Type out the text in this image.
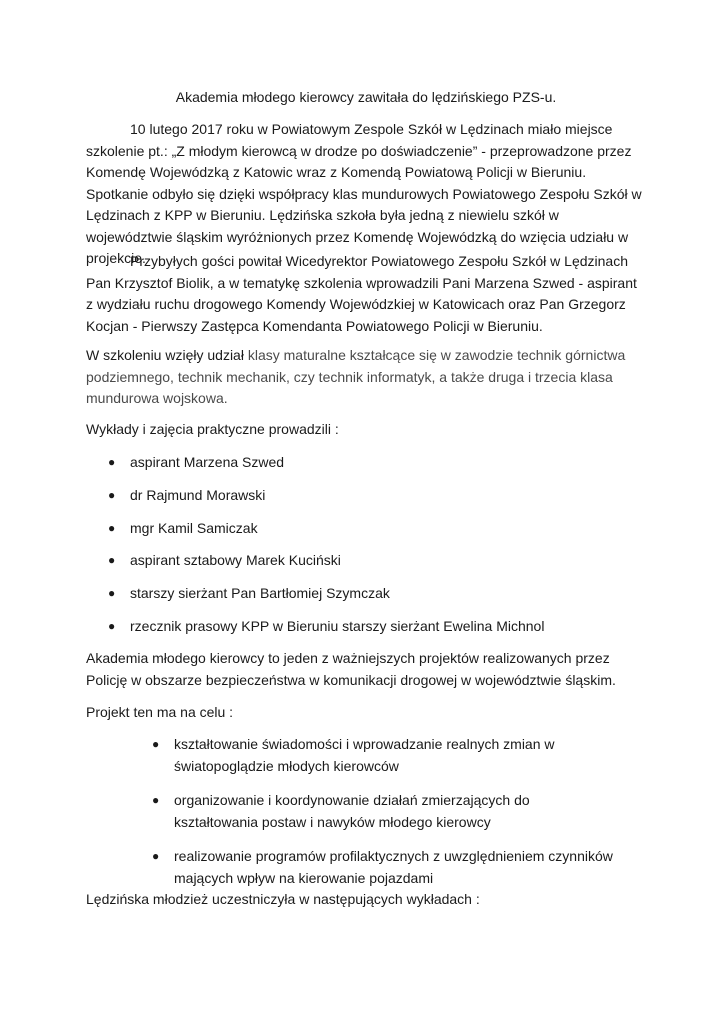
Akademia młodego kierowcy zawitała do lędzińskiego PZS-u.

10 lutego 2017 roku w Powiatowym Zespole Szkół w Lędzinach miało miejsce szkolenie pt.: „Z młodym kierowcą w drodze po doświadczenie” - przeprowadzone przez Komendę Wojewódzką z Katowic wraz z Komendą Powiatową Policji w Bieruniu. Spotkanie odbyło się dzięki współpracy klas mundurowych Powiatowego Zespołu Szkół w Lędzinach z KPP w Bieruniu. Lędzińska szkoła była jedną z niewielu szkół w województwie śląskim wyróżnionych przez Komendę Wojewódzką do wzięcia udziału w projekcie.

Przybyłych gości powitał Wicedyrektor Powiatowego Zespołu Szkół w Lędzinach Pan Krzysztof Biolik, a w tematykę szkolenia wprowadzili Pani Marzena Szwed - aspirant z wydziału ruchu drogowego Komendy Wojewódzkiej w Katowicach oraz Pan Grzegorz Kocjan - Pierwszy Zastępca Komendanta Powiatowego Policji w Bieruniu.

W szkoleniu wzięły udział klasy maturalne kształcące się w zawodzie technik górnictwa podziemnego, technik mechanik, czy technik informatyk, a także druga i trzecia klasa mundurowa wojskowa.

Wykłady i zajęcia praktyczne prowadzili :

● aspirant Marzena Szwed
● dr Rajmund Morawski
● mgr Kamil Samiczak
● aspirant sztabowy Marek Kuciński
● starszy sierżant Pan Bartłomiej Szymczak
● rzecznik prasowy KPP w Bieruniu starszy sierżant Ewelina Michnol

Akademia młodego kierowcy to jeden z ważniejszych projektów realizowanych przez Policję w obszarze bezpieczeństwa w komunikacji drogowej w województwie śląskim.

Projekt ten ma na celu :

● kształtowanie świadomości i wprowadzanie realnych zmian w światopoglądzie młodych kierowców
● organizowanie i koordynowanie działań zmierzających do kształtowania postaw i nawyków młodego kierowcy
● realizowanie programów profilaktycznych z uwzględnieniem czynników mających wpływ na kierowanie pojazdami

Lędzińska młodzież uczestniczyła w następujących wykładach :
